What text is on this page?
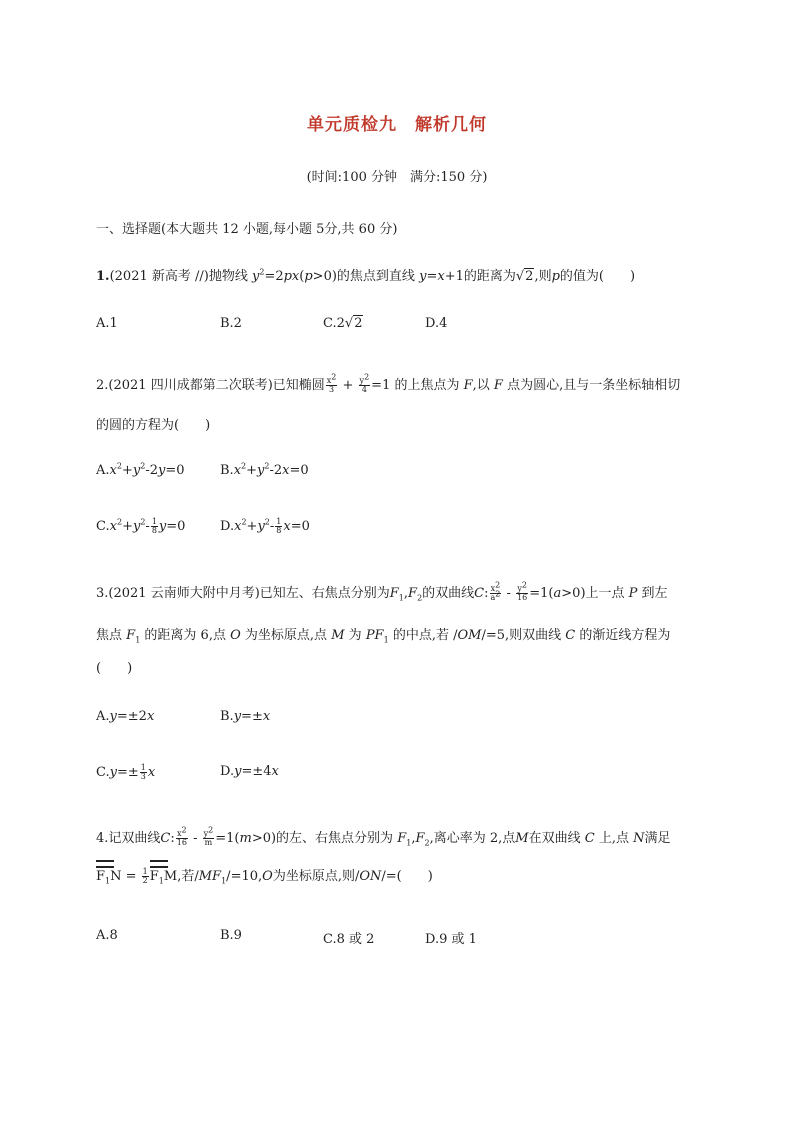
单元质检九　解析几何
(时间:100 分钟　满分:150 分)
一、选择题(本大题共 12 小题,每小题 5分,共 60 分)
1.(2021 新高考 //)抛物线 $y^2=2px(p>0)$的焦点到直线 y=x+1的距离为√2,则p的值为(　　)
A.1	B.2	C.2√2	D.4
2.(2021 四川成都第二次联考)已知椭圆 $\frac{x^2}{3} + \frac{y^2}{4} =1$ 的上焦点为 F,以 F 点为圆心,且与一条坐标轴相切
的圆的方程为(　　)
$A.x^2+y^2-2y=0$	$B.x^2+y^2-2x=0$
$C.x^2+y^2- \frac{1}{8} y=0$	$D.x^2+y^2- \frac{1}{8} x=0$
3.(2021 云南师大附中月考)已知左、右焦点分别为$F_1,F_2$的双曲线C: $\frac{x^2}{a^2} - \frac{y^2}{16} =1(a>0)$上一点 P 到左
焦点 $F_1$ 的距离为 6,点 O 为坐标原点,点 M 为 $PF_1$ 的中点,若 /OM/=5,则双曲线 C 的渐近线方程为
(　　)
A.y=±2x	B.y=±x
$C.y=\pm \frac{1}{3}$ x	D.y=±4x
4.记双曲线C: $\frac{x^2}{16} - \frac{y^2}{m} =1(m>0)$的左、右焦点分别为 $F_1,F_2$,离心率为 2,点M在双曲线 C 上,点 N满足
$F_1N = \frac{1}{2} F_1M$,若$/MF_1/=10,O$为坐标原点,则/ON/=(　　)
A.8	B.9	C.8 或 2	D.9 或 1
